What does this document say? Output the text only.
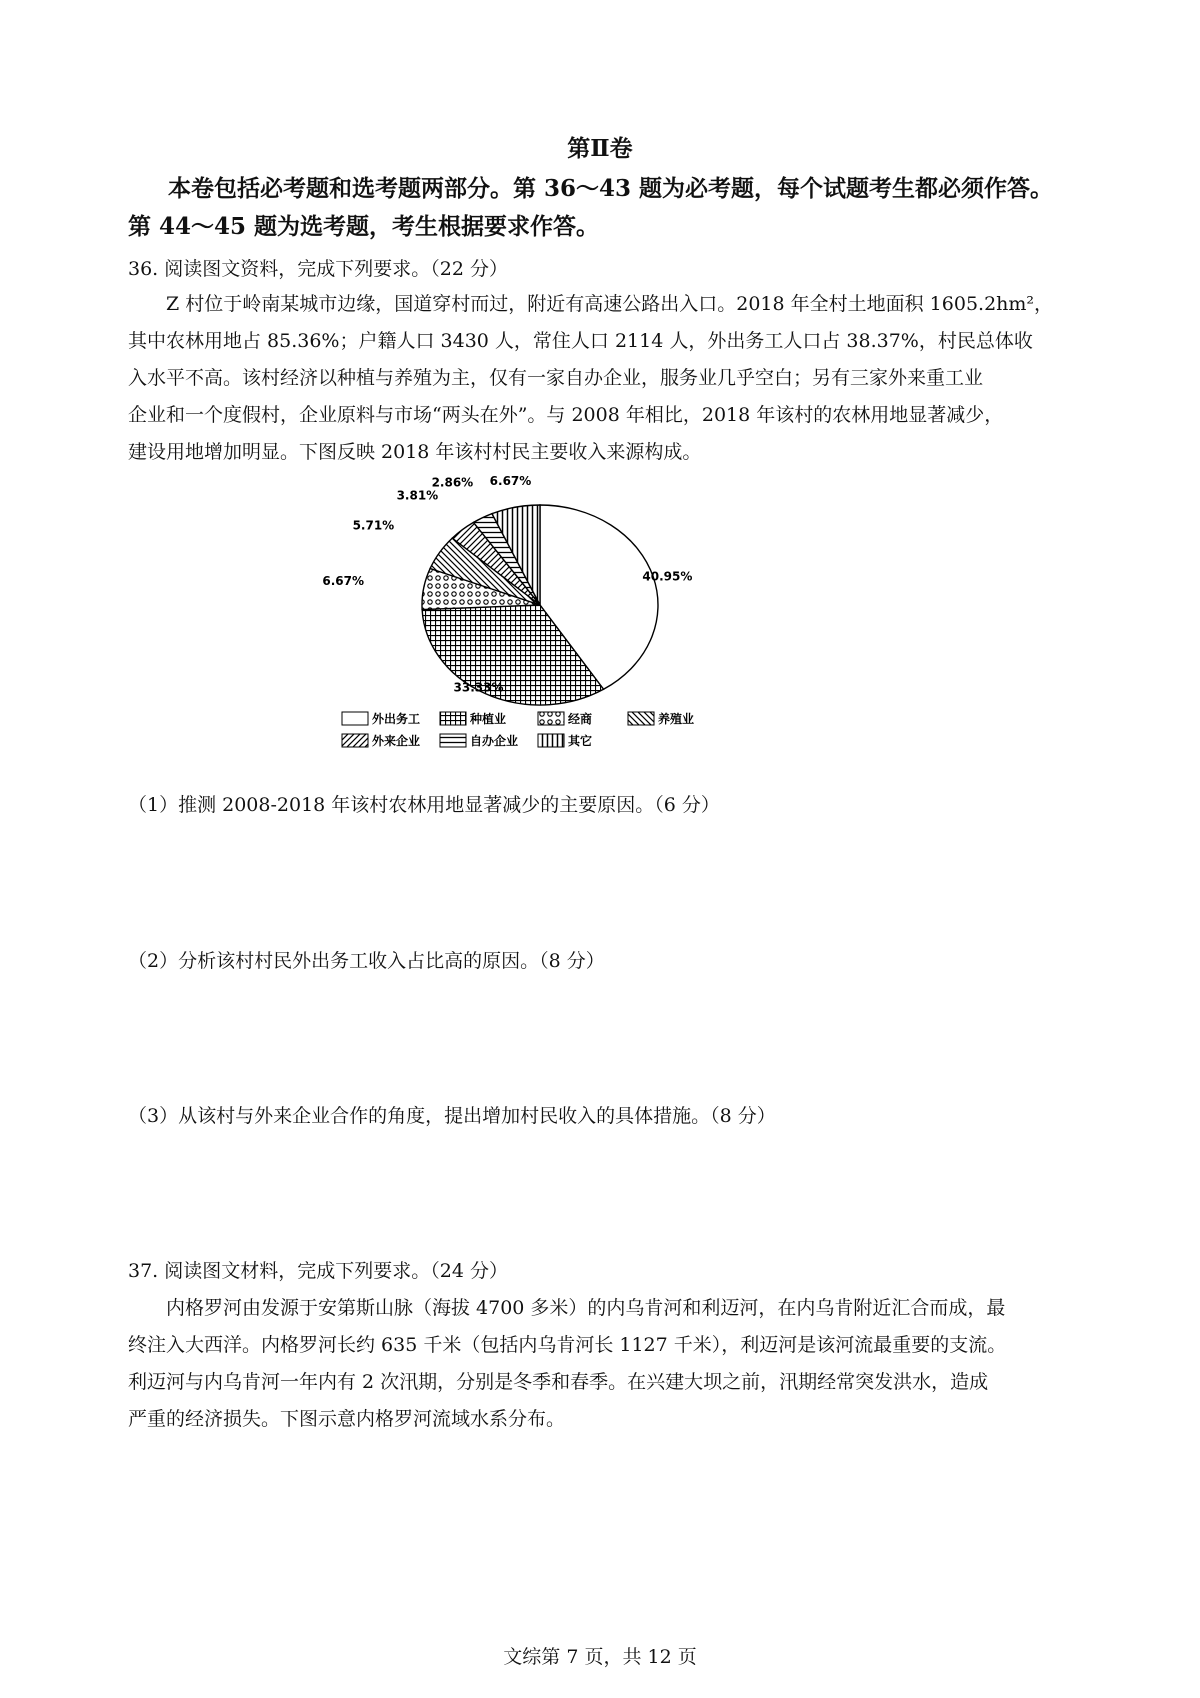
第Ⅱ卷
本卷包括必考题和选考题两部分。第 36～43 题为必考题，每个试题考生都必须作答。
第 44～45 题为选考题，考生根据要求作答。
36. 阅读图文资料，完成下列要求。（22 分）

Z 村位于岭南某城市边缘，国道穿村而过，附近有高速公路出入口。2018 年全村土地面积 1605.2hm²，

其中农林用地占 85.36%；户籍人口 3430 人，常住人口 2114 人，外出务工人口占 38.37%，村民总体收

入水平不高。该村经济以种植与养殖为主，仅有一家自办企业，服务业几乎空白；另有三家外来重工业

企业和一个度假村，企业原料与市场“两头在外”。与 2008 年相比，2018 年该村的农林用地显著减少，

建设用地增加明显。下图反映 2018 年该村村民主要收入来源构成。

40.95%
33.33%
6.67%
5.71%
3.81%
2.86% 6.67%
外出务工	种植业	经商	养殖业
外来企业	自办企业	其它
（1）推测 2008-2018 年该村农林用地显著减少的主要原因。（6 分）
（2）分析该村村民外出务工收入占比高的原因。（8 分）
（3）从该村与外来企业合作的角度，提出增加村民收入的具体措施。（8 分）
37. 阅读图文材料，完成下列要求。（24 分）

内格罗河由发源于安第斯山脉（海拔 4700 多米）的内乌肯河和利迈河，在内乌肯附近汇合而成，最

终注入大西洋。内格罗河长约 635 千米（包括内乌肯河长 1127 千米），利迈河是该河流最重要的支流。

利迈河与内乌肯河一年内有 2 次汛期，分别是冬季和春季。在兴建大坝之前，汛期经常突发洪水，造成

严重的经济损失。下图示意内格罗河流域水系分布。

文综第 7 页，共 12 页
